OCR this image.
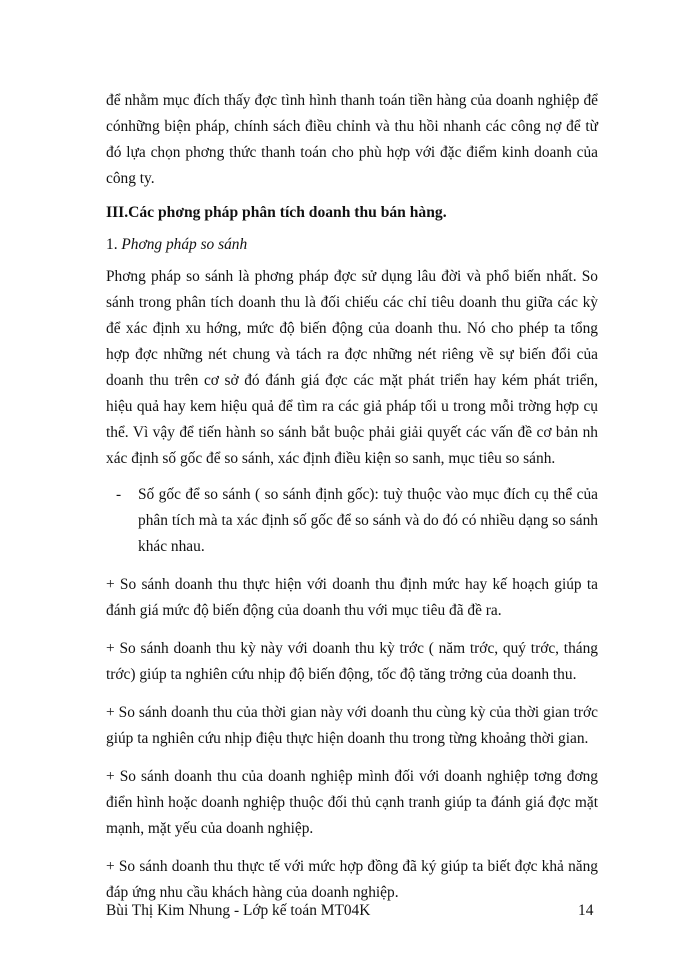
để nhằm mục đích thấy đợc tình hình thanh toán tiền hàng của doanh nghiệp để cónhững biện pháp, chính sách điều chỉnh và thu hồi nhanh các công nợ để từ đó lựa chọn phơng thức thanh toán cho phù hợp với đặc điểm kinh doanh của công ty.

III.Các phơng pháp phân tích doanh thu bán hàng.

1. Phơng pháp so sánh

Phơng pháp so sánh là phơng pháp đợc sử dụng lâu đời và phổ biến nhất. So sánh trong phân tích doanh thu là đối chiếu các chỉ tiêu doanh thu giữa các kỳ để xác định xu hớng, mức độ biến động của doanh thu. Nó cho phép ta tổng hợp đợc những nét chung và tách ra đợc những nét riêng về sự biến đổi của doanh thu trên cơ sở đó đánh giá đợc các mặt phát triển hay kém phát triển, hiệu quả hay kem hiệu quả để tìm ra các giả pháp tối u trong mỗi trờng hợp cụ thể. Vì vậy để tiến hành so sánh bắt buộc phải giải quyết các vấn đề cơ bản nh xác định số gốc để so sánh, xác định điều kiện so sanh, mục tiêu so sánh.

-	Số gốc để so sánh ( so sánh định gốc): tuỳ thuộc vào mục đích cụ thể của phân tích mà ta xác định số gốc để so sánh và do đó có nhiều dạng so sánh khác nhau.

+ So sánh doanh thu thực hiện với doanh thu định mức hay kế hoạch giúp ta đánh giá mức độ biến động của doanh thu với mục tiêu đã đề ra.

+ So sánh doanh thu kỳ này với doanh thu kỳ trớc ( năm trớc, quý trớc, tháng trớc) giúp ta nghiên cứu nhịp độ biến động, tốc độ tăng trởng của doanh thu.

+ So sánh doanh thu của thời gian này với doanh thu cùng kỳ của thời gian trớc giúp ta nghiên cứu nhịp điệu thực hiện doanh thu trong từng khoảng thời gian.

+ So sánh doanh thu của doanh nghiệp mình đối với doanh nghiệp tơng đơng điển hình hoặc doanh nghiệp thuộc đối thủ cạnh tranh giúp ta đánh giá đợc mặt mạnh, mặt yếu của doanh nghiệp.

+ So sánh doanh thu thực tế với mức hợp đồng đã ký giúp ta biết đợc khả năng đáp ứng nhu cầu khách hàng của doanh nghiệp.

Bùi Thị Kim Nhung - Lớp kế toán MT04K	14
